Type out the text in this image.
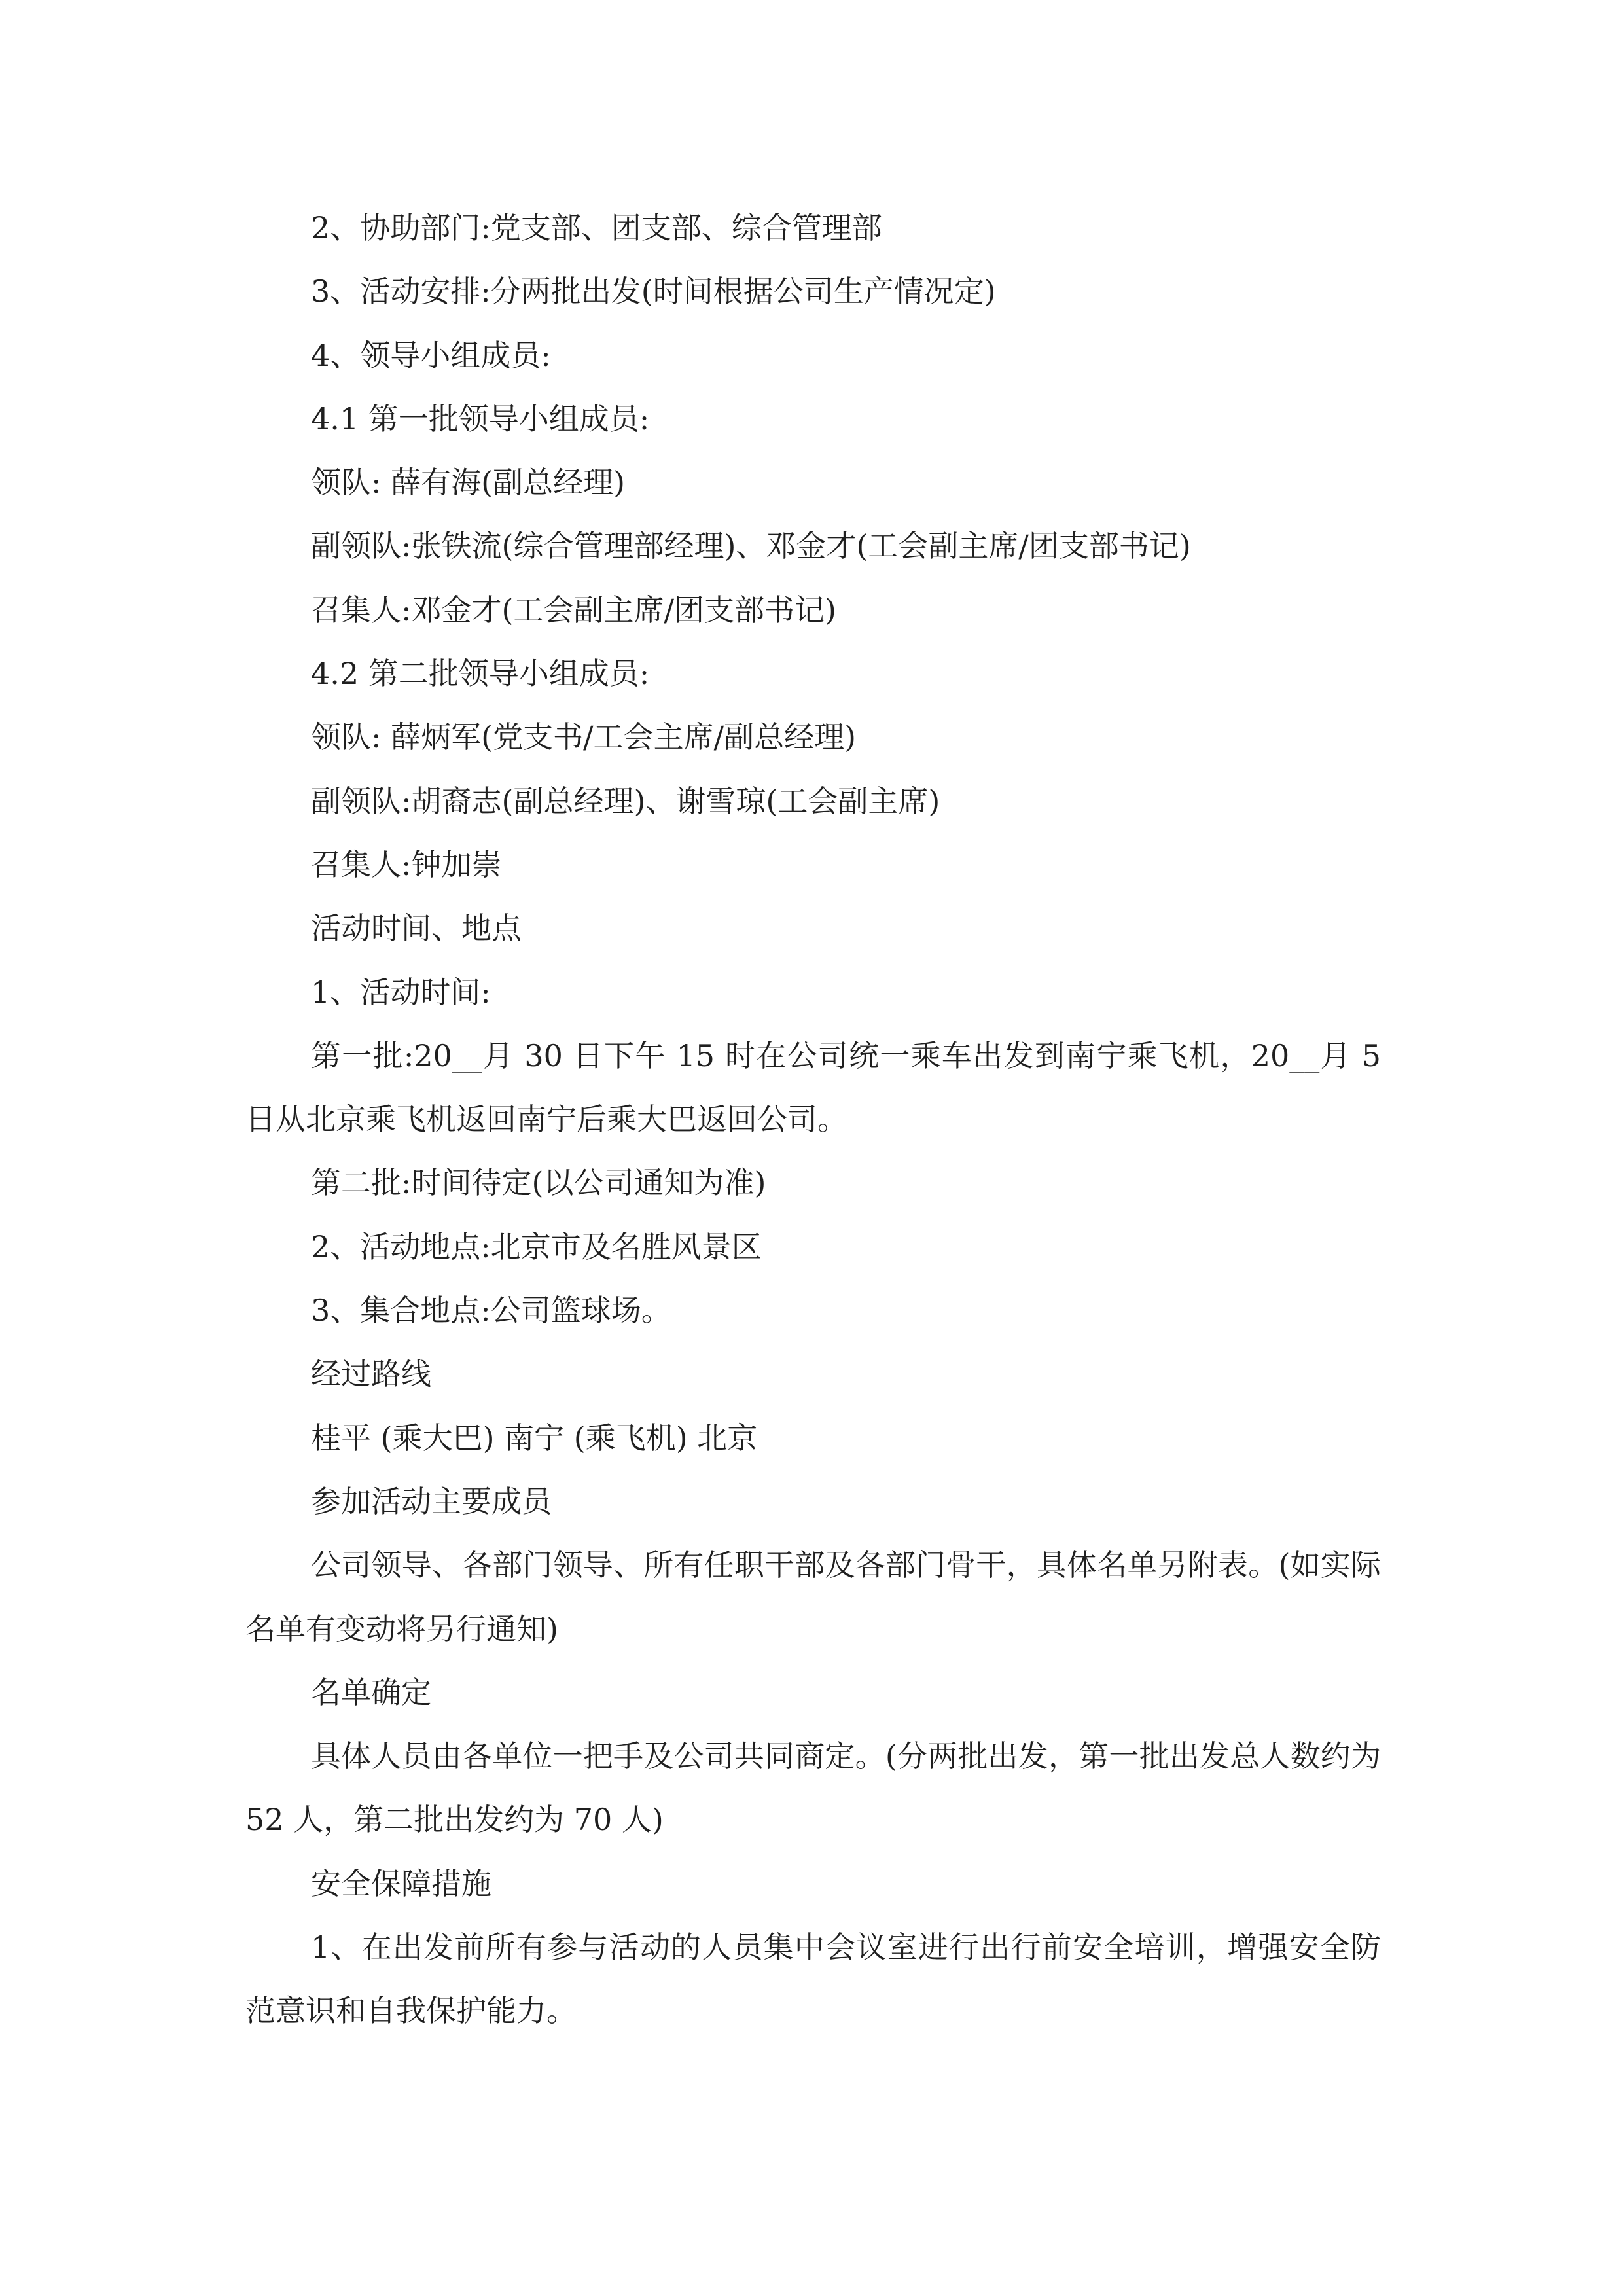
2、协助部门:党支部、团支部、综合管理部

3、活动安排:分两批出发(时间根据公司生产情况定)

4、领导小组成员:

4.1 第一批领导小组成员:

领队: 薛有海(副总经理)

副领队:张铁流(综合管理部经理)、邓金才(工会副主席/团支部书记)

召集人:邓金才(工会副主席/团支部书记)

4.2 第二批领导小组成员:

领队: 薛炳军(党支书/工会主席/副总经理)

副领队:胡裔志(副总经理)、谢雪琼(工会副主席)

召集人:钟加崇

活动时间、地点

1、活动时间:

第一批:20__月 30 日下午 15 时在公司统一乘车出发到南宁乘飞机，20__月 5 日从北京乘飞机返回南宁后乘大巴返回公司。

第二批:时间待定(以公司通知为准)

2、活动地点:北京市及名胜风景区

3、集合地点:公司篮球场。

经过路线

桂平 (乘大巴) 南宁 (乘飞机) 北京

参加活动主要成员

公司领导、各部门领导、所有任职干部及各部门骨干，具体名单另附表。(如实际名单有变动将另行通知)

名单确定

具体人员由各单位一把手及公司共同商定。(分两批出发，第一批出发总人数约为 52 人，第二批出发约为 70 人)

安全保障措施

1、在出发前所有参与活动的人员集中会议室进行出行前安全培训，增强安全防范意识和自我保护能力。
